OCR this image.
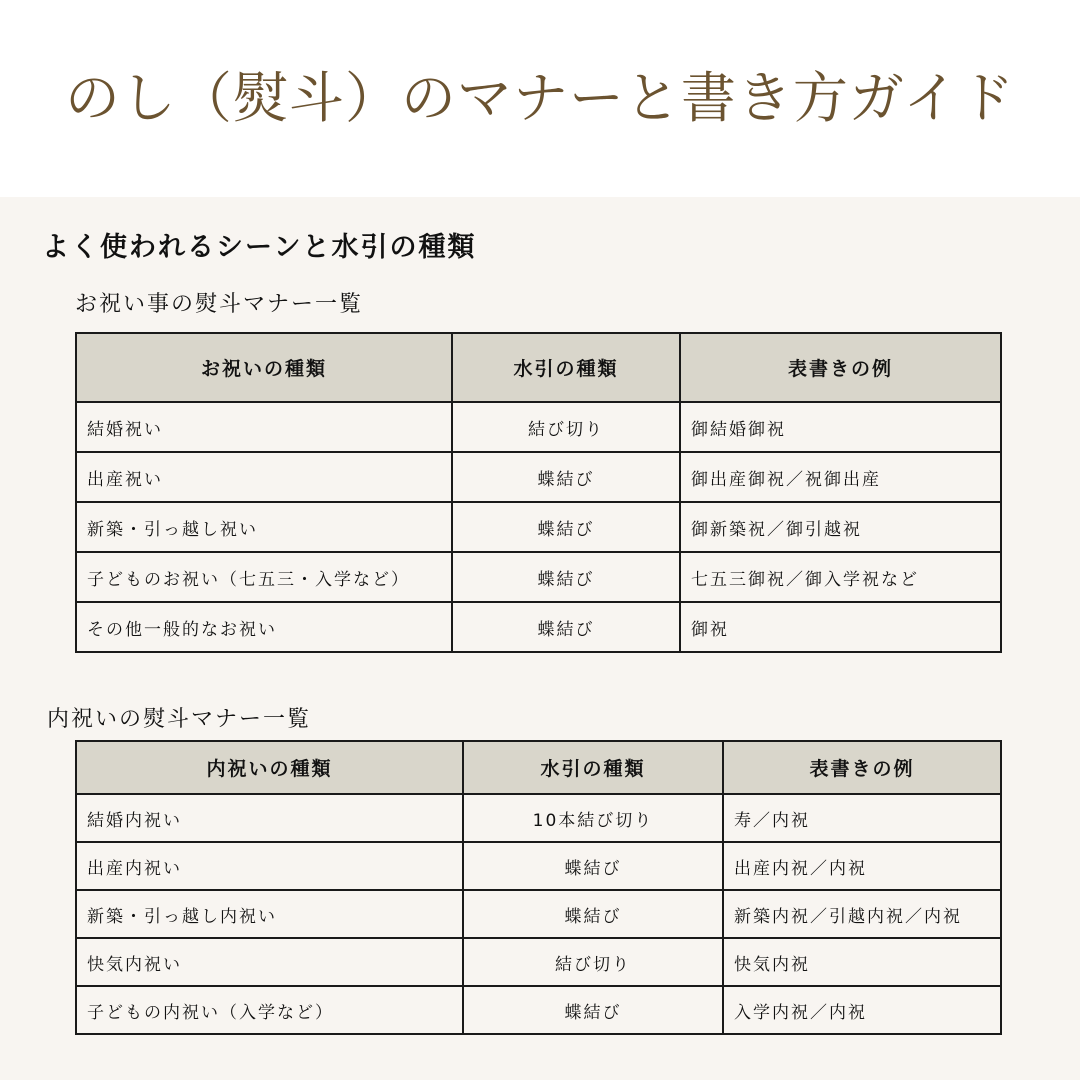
のし（熨斗）のマナーと書き方ガイド
よく使われるシーンと水引の種類
お祝い事の熨斗マナー一覧
お祝いの種類	水引の種類	表書きの例
結婚祝い	結び切り	御結婚御祝
出産祝い	蝶結び	御出産御祝／祝御出産
新築・引っ越し祝い	蝶結び	御新築祝／御引越祝
子どものお祝い（七五三・入学など）	蝶結び	七五三御祝／御入学祝など
その他一般的なお祝い	蝶結び	御祝
内祝いの熨斗マナー一覧
内祝いの種類	水引の種類	表書きの例
結婚内祝い	10本結び切り	寿／内祝
出産内祝い	蝶結び	出産内祝／内祝
新築・引っ越し内祝い	蝶結び	新築内祝／引越内祝／内祝
快気内祝い	結び切り	快気内祝
子どもの内祝い（入学など）	蝶結び	入学内祝／内祝
